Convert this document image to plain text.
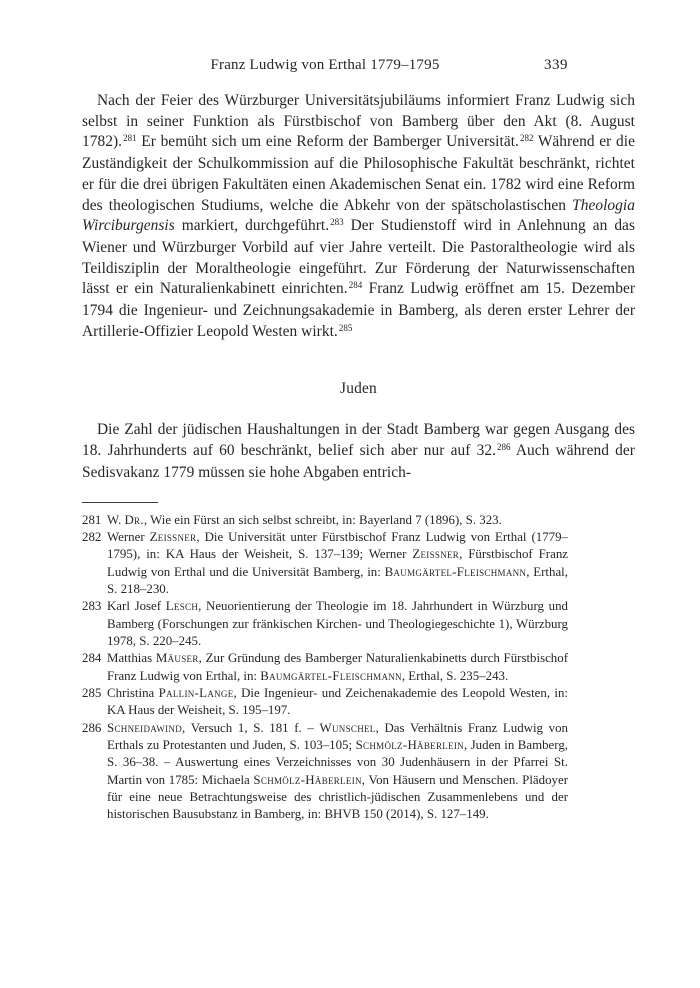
Franz Ludwig von Erthal 1779–1795	339

Nach der Feier des Würzburger Universitätsjubiläums informiert Franz Ludwig sich selbst in seiner Funktion als Fürstbischof von Bamberg über den Akt (8. August 1782).$^{281}$ Er bemüht sich um eine Reform der Bamberger Universität.$^{282}$ Während er die Zuständigkeit der Schulkommission auf die Philosophische Fakultät beschränkt, richtet er für die drei übrigen Fakultäten einen Akademischen Senat ein. 1782 wird eine Reform des theologischen Studiums, welche die Abkehr von der spätscholastischen Theologia Wirciburgensis markiert, durchgeführt.$^{283}$ Der Studienstoff wird in Anlehnung an das Wiener und Würzburger Vorbild auf vier Jahre verteilt. Die Pastoraltheologie wird als Teildisziplin der Moraltheologie eingeführt. Zur Förderung der Naturwissenschaften lässt er ein Naturalienkabinett einrichten.$^{284}$ Franz Ludwig eröffnet am 15. Dezember 1794 die Ingenieur- und Zeichnungsakademie in Bamberg, als deren erster Lehrer der Artillerie-Offizier Leopold Westen wirkt.$^{285}$

Juden

Die Zahl der jüdischen Haushaltungen in der Stadt Bamberg war gegen Ausgang des 18. Jahrhunderts auf 60 beschränkt, belief sich aber nur auf 32.$^{286}$ Auch während der Sedisvakanz 1779 müssen sie hohe Abgaben entrich-

281 W. Dr., Wie ein Fürst an sich selbst schreibt, in: Bayerland 7 (1896), S. 323.
282 Werner Zeissner, Die Universität unter Fürstbischof Franz Ludwig von Erthal (1779–1795), in: KA Haus der Weisheit, S. 137–139; Werner Zeissner, Fürstbischof Franz Ludwig von Erthal und die Universität Bamberg, in: Baumgärtel-Fleischmann, Erthal, S. 218–230.
283 Karl Josef Lesch, Neuorientierung der Theologie im 18. Jahrhundert in Würzburg und Bamberg (Forschungen zur fränkischen Kirchen- und Theologiegeschichte 1), Würzburg 1978, S. 220–245.
284 Matthias Mäuser, Zur Gründung des Bamberger Naturalienkabinetts durch Fürstbischof Franz Ludwig von Erthal, in: Baumgärtel-Fleischmann, Erthal, S. 235–243.
285 Christina Pallin-Lange, Die Ingenieur- und Zeichenakademie des Leopold Westen, in: KA Haus der Weisheit, S. 195–197.
286 Schneidawind, Versuch 1, S. 181 f. – Wunschel, Das Verhältnis Franz Ludwig von Erthals zu Protestanten und Juden, S. 103–105; Schmölz-Häberlein, Juden in Bamberg, S. 36–38. – Auswertung eines Verzeichnisses von 30 Judenhäusern in der Pfarrei St. Martin von 1785: Michaela Schmölz-Häberlein, Von Häusern und Menschen. Plädoyer für eine neue Betrachtungsweise des christlich-jüdischen Zusammenlebens und der historischen Bausubstanz in Bamberg, in: BHVB 150 (2014), S. 127–149.
